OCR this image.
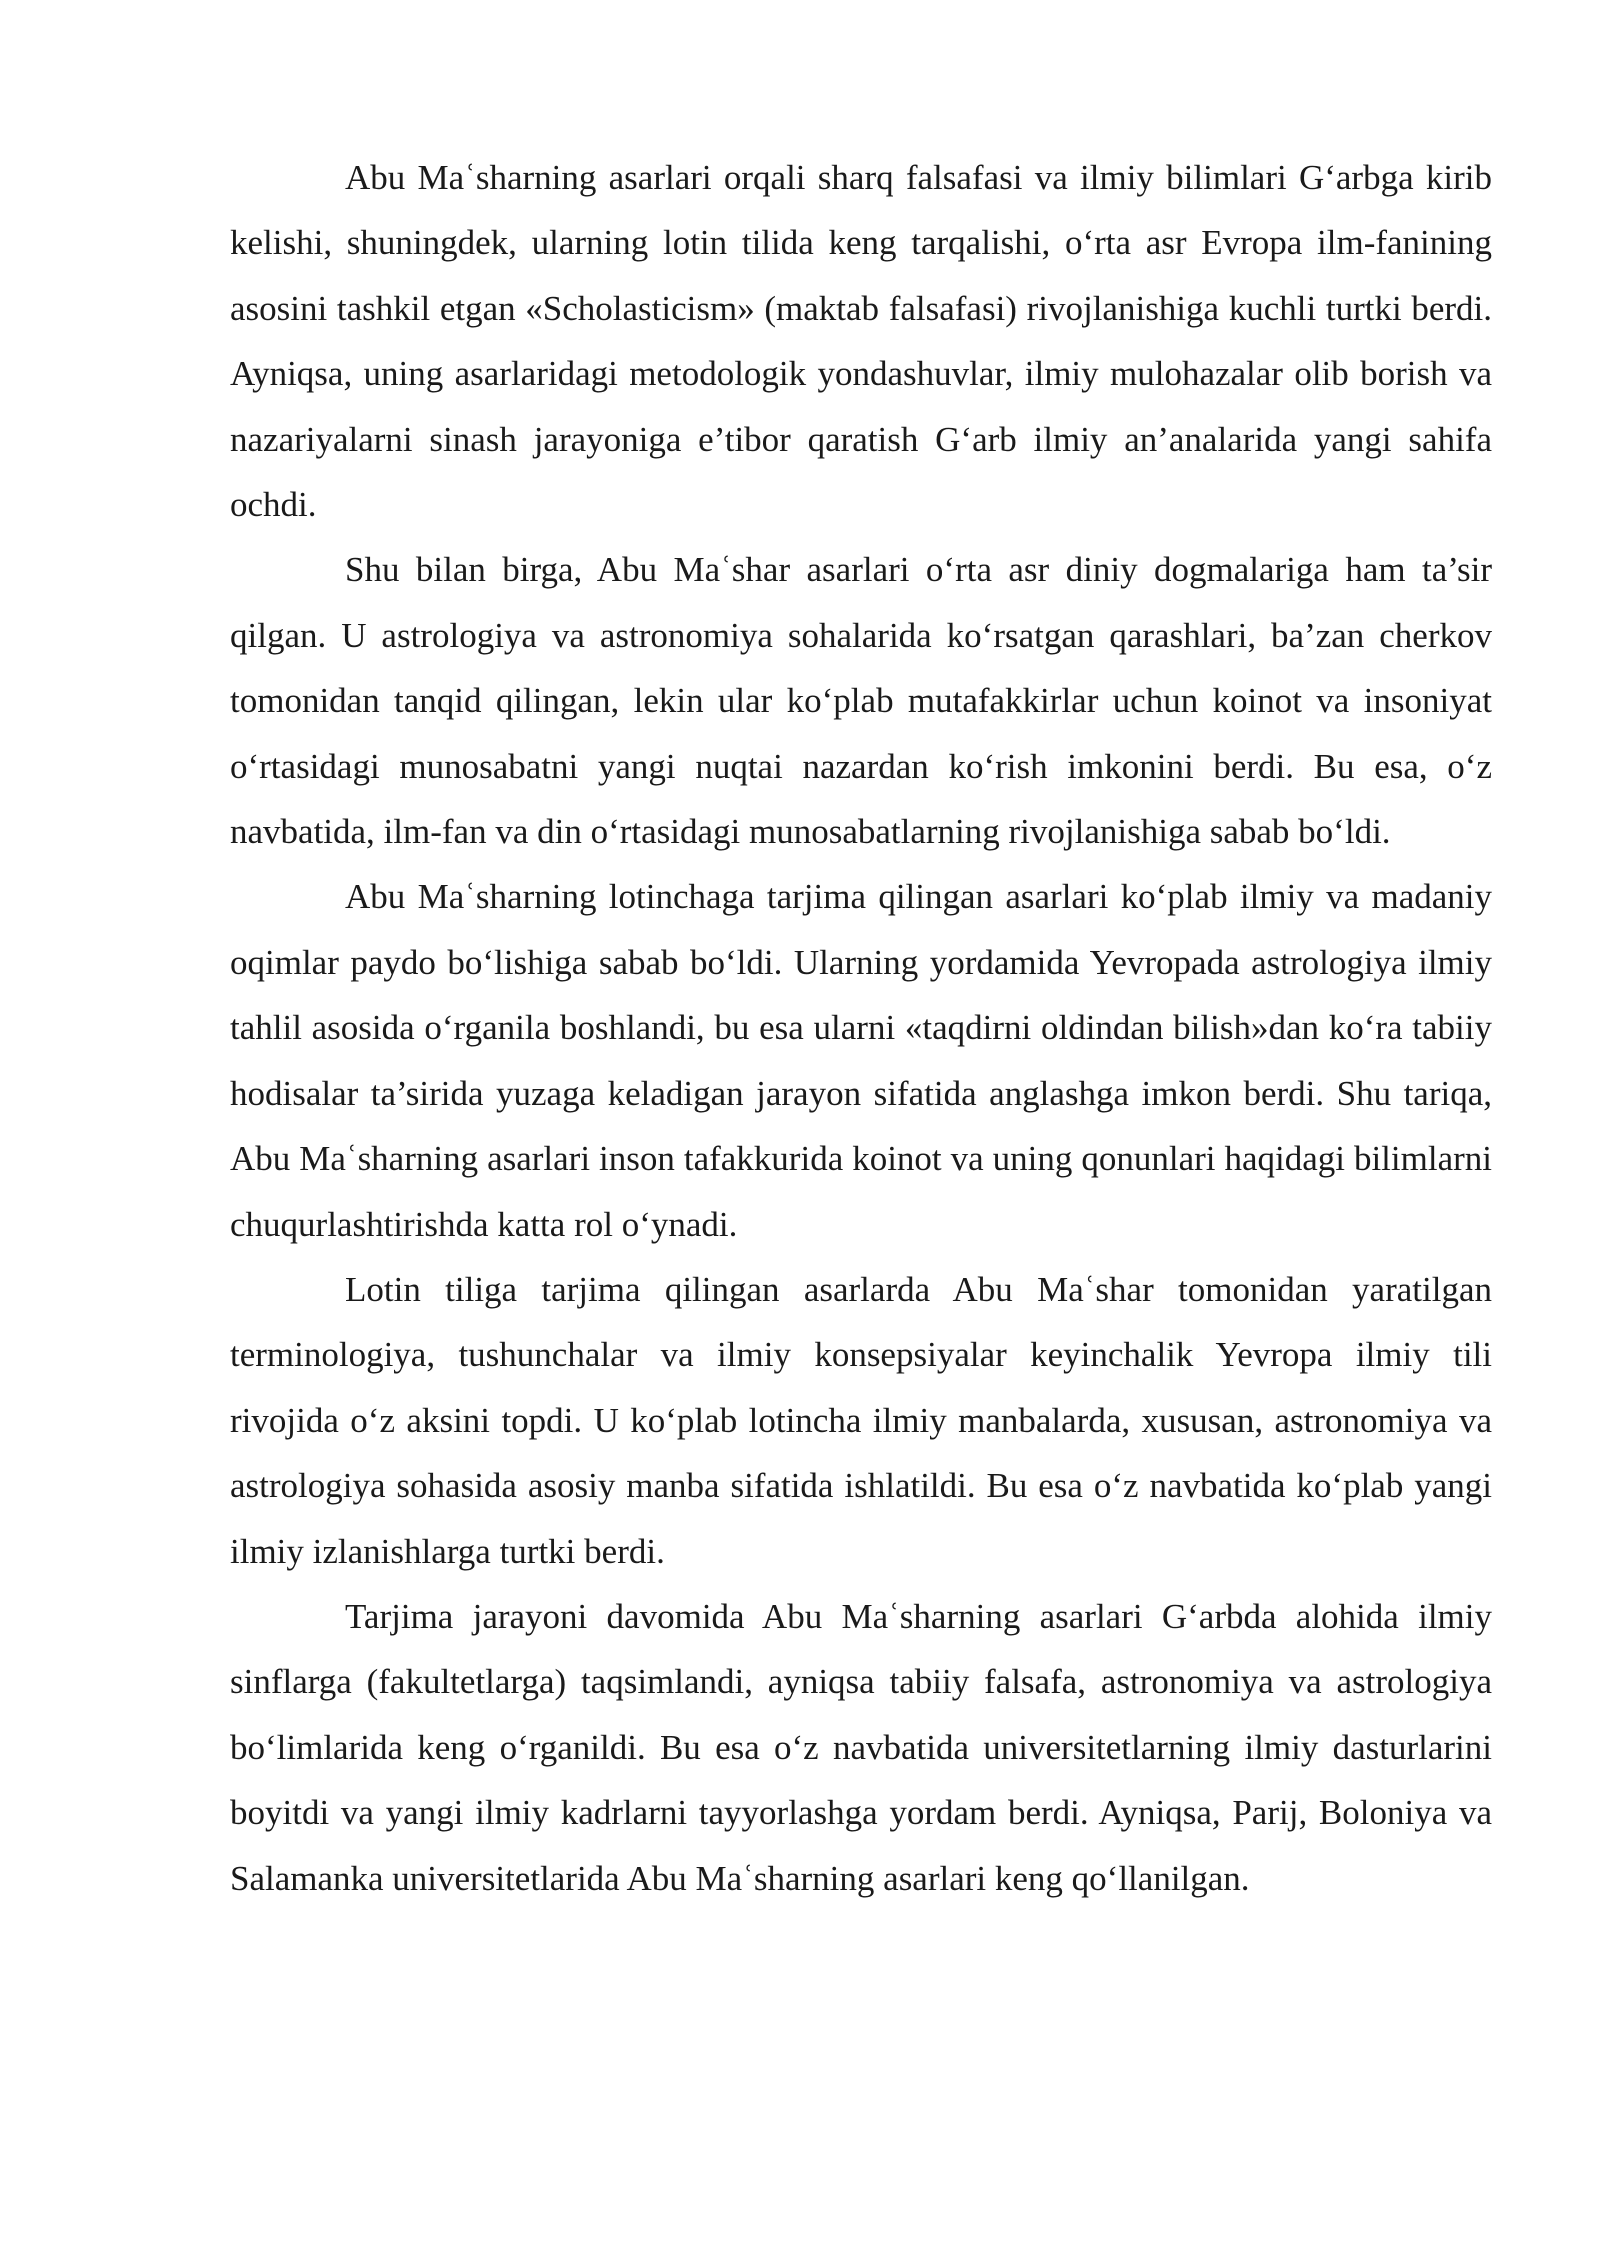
Abu Maʿsharning asarlari orqali sharq falsafasi va ilmiy bilimlari G‘arbga kirib kelishi, shuningdek, ularning lotin tilida keng tarqalishi, o‘rta asr Evropa ilm-fanining asosini tashkil etgan «Scholasticism» (maktab falsafasi) rivojlanishiga kuchli turtki berdi. Ayniqsa, uning asarlaridagi metodologik yondashuvlar, ilmiy mulohazalar olib borish va nazariyalarni sinash jarayoniga e’tibor qaratish G‘arb ilmiy an’analarida yangi sahifa ochdi.

Shu bilan birga, Abu Maʿshar asarlari o‘rta asr diniy dogmalariga ham ta’sir qilgan. U astrologiya va astronomiya sohalarida ko‘rsatgan qarashlari, ba’zan cherkov tomonidan tanqid qilingan, lekin ular ko‘plab mutafakkirlar uchun koinot va insoniyat o‘rtasidagi munosabatni yangi nuqtai nazardan ko‘rish imkonini berdi. Bu esa, o‘z navbatida, ilm-fan va din o‘rtasidagi munosabatlarning rivojlanishiga sabab bo‘ldi.

Abu Maʿsharning lotinchaga tarjima qilingan asarlari ko‘plab ilmiy va madaniy oqimlar paydo bo‘lishiga sabab bo‘ldi. Ularning yordamida Yevropada astrologiya ilmiy tahlil asosida o‘rganila boshlandi, bu esa ularni «taqdirni oldindan bilish»dan ko‘ra tabiiy hodisalar ta’sirida yuzaga keladigan jarayon sifatida anglashga imkon berdi. Shu tariqa, Abu Maʿsharning asarlari inson tafakkurida koinot va uning qonunlari haqidagi bilimlarni chuqurlashtirishda katta rol o‘ynadi.

Lotin tiliga tarjima qilingan asarlarda Abu Maʿshar tomonidan yaratilgan terminologiya, tushunchalar va ilmiy konsepsiyalar keyinchalik Yevropa ilmiy tili rivojida o‘z aksini topdi. U ko‘plab lotincha ilmiy manbalarda, xususan, astronomiya va astrologiya sohasida asosiy manba sifatida ishlatildi. Bu esa o‘z navbatida ko‘plab yangi ilmiy izlanishlarga turtki berdi.

Tarjima jarayoni davomida Abu Maʿsharning asarlari G‘arbda alohida ilmiy sinflarga (fakultetlarga) taqsimlandi, ayniqsa tabiiy falsafa, astronomiya va astrologiya bo‘limlarida keng o‘rganildi. Bu esa o‘z navbatida universitetlarning ilmiy dasturlarini boyitdi va yangi ilmiy kadrlarni tayyorlashga yordam berdi. Ayniqsa, Parij, Boloniya va Salamanka universitetlarida Abu Maʿsharning asarlari keng qo‘llanilgan.
